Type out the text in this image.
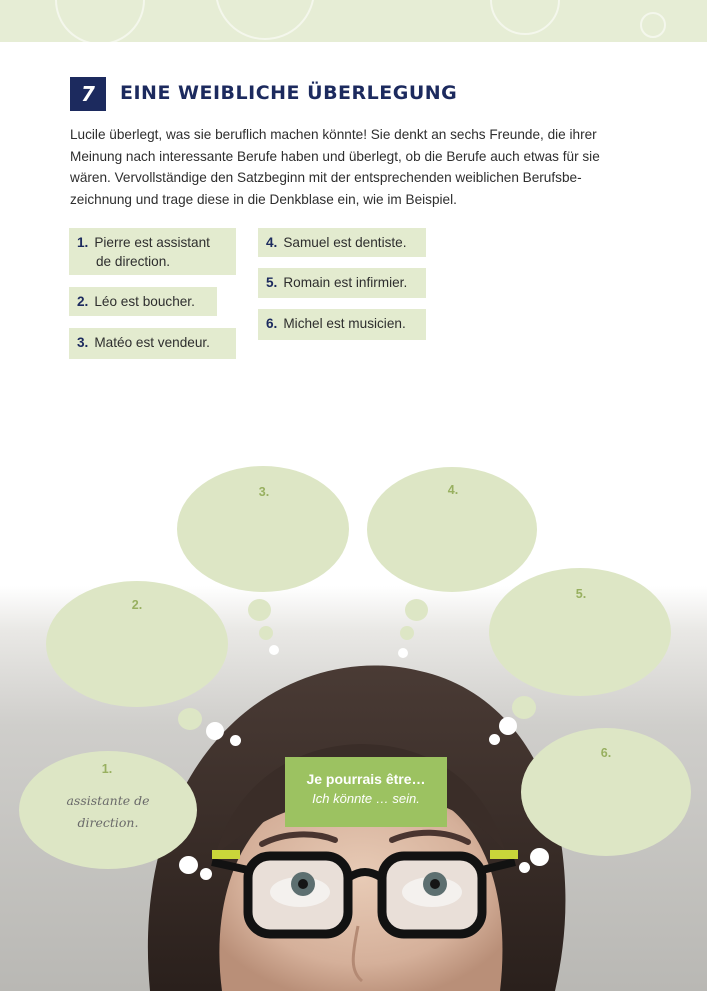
7	EINE WEIBLICHE ÜBERLEGUNG
Lucile überlegt, was sie beruflich machen könnte! Sie denkt an sechs Freunde, die ihrer
Meinung nach interessante Berufe haben und überlegt, ob die Berufe auch etwas für sie
wären. Vervollständige den Satzbeginn mit der entsprechenden weiblichen Berufsbe-
zeichnung und trage diese in die Denkblase ein, wie im Beispiel.
1. Pierre est assistant
de direction.
2. Léo est boucher.
3. Matéo est vendeur.
4. Samuel est dentiste.
5. Romain est infirmier.
6. Michel est musicien.
1.
assistante de
direction.
2.
3.	4.
5.
6.
Je pourrais être…
Ich könnte … sein.
